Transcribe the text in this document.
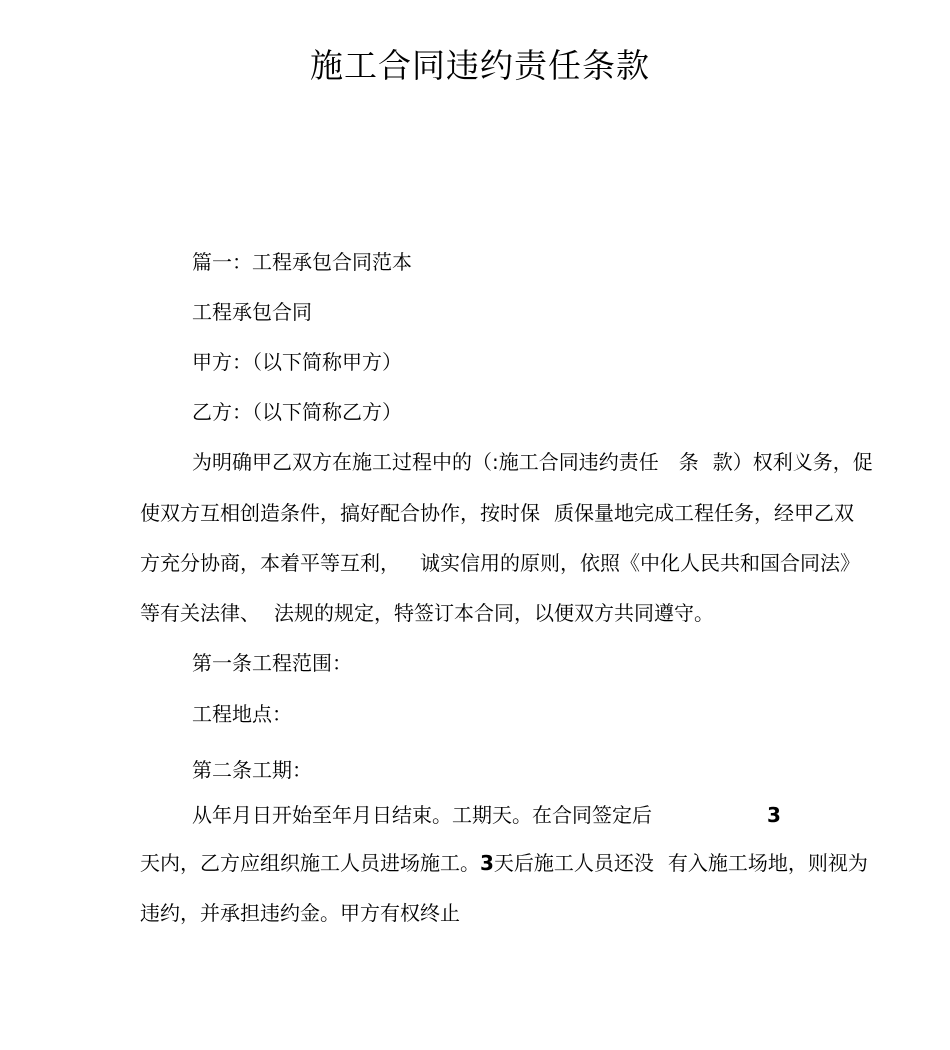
施工合同违约责任条款
篇一：工程承包合同范本
工程承包合同
甲方：（以下简称甲方）
乙方：（以下简称乙方）
为明确甲乙双方在施工过程中的（:施工合同违约责任 条 款）权利义务，促
使双方互相创造条件，搞好配合协作，按时保 质保量地完成工程任务，经甲乙双
方充分协商，本着平等互利， 诚实信用的原则，依照《中化人民共和国合同法》
等有关法律、 法规的规定，特签订本合同，以便双方共同遵守。
第一条工程范围：
工程地点：
第二条工期：
从年月日开始至年月日结束。工期天。在合同签定后	3
天内，乙方应组织施工人员进场施工。3天后施工人员还没 有入施工场地，则视为
违约，并承担违约金。甲方有权终止
